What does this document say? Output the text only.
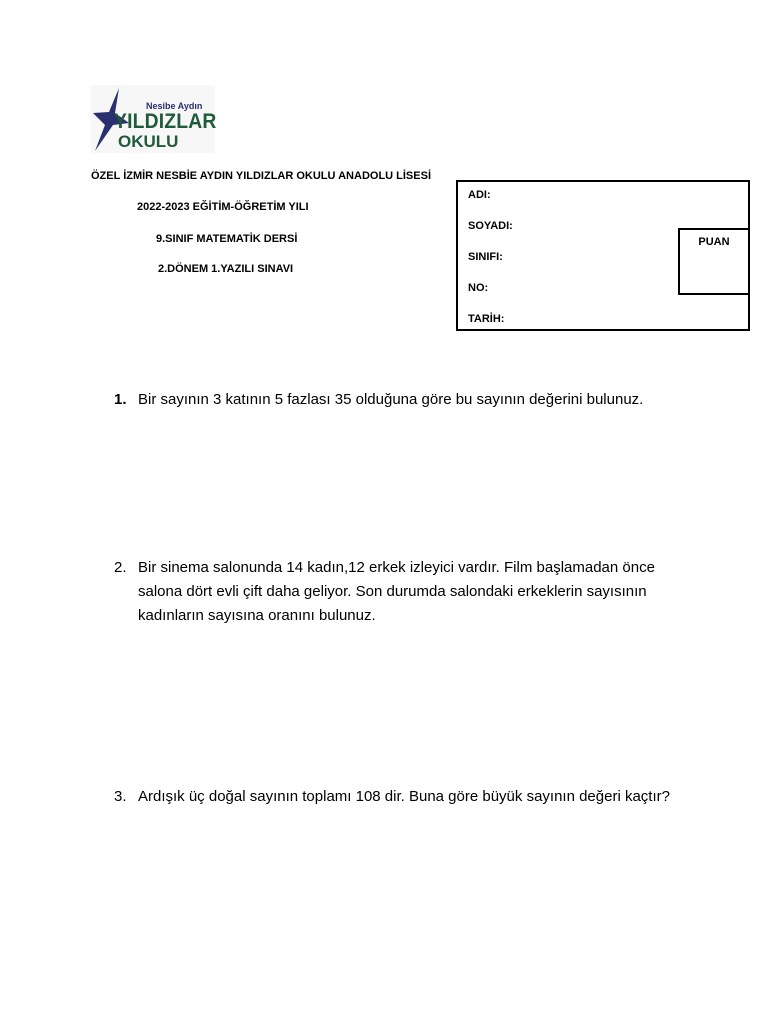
Nesibe Aydın
YILDIZLAR
OKULU
ÖZEL İZMİR NESBİE AYDIN YILDIZLAR OKULU ANADOLU LİSESİ
2022-2023 EĞİTİM-ÖĞRETİM YILI
9.SINIF MATEMATİK DERSİ
2.DÖNEM 1.YAZILI SINAVI
ADI:
SOYADI:
SINIFI:
NO:
TARİH:
PUAN
1. Bir sayının 3 katının 5 fazlası 35 olduğuna göre bu sayının değerini bulunuz.
2. Bir sinema salonunda 14 kadın,12 erkek izleyici vardır. Film başlamadan önce salona dört evli çift daha geliyor. Son durumda salondaki erkeklerin sayısının kadınların sayısına oranını bulunuz.
3. Ardışık üç doğal sayının toplamı 108 dir. Buna göre büyük sayının değeri kaçtır?
